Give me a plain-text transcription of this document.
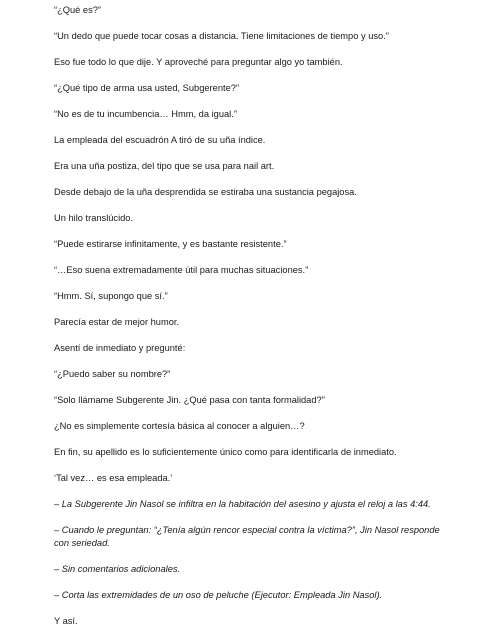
“¿Qué es?”

“Un dedo que puede tocar cosas a distancia. Tiene limitaciones de tiempo y uso.”

Eso fue todo lo que dije. Y aproveché para preguntar algo yo también.

“¿Qué tipo de arma usa usted, Subgerente?”

“No es de tu incumbencia… Hmm, da igual.”

La empleada del escuadrón A tiró de su uña índice.

Era una uña postiza, del tipo que se usa para nail art.

Desde debajo de la uña desprendida se estiraba una sustancia pegajosa.

Un hilo translúcido.

“Puede estirarse infinitamente, y es bastante resistente.”

“…Eso suena extremadamente útil para muchas situaciones.”

“Hmm. Sí, supongo que sí.”

Parecía estar de mejor humor.

Asentí de inmediato y pregunté:

“¿Puedo saber su nombre?”

“Solo llámame Subgerente Jin. ¿Qué pasa con tanta formalidad?”

¿No es simplemente cortesía básica al conocer a alguien…?

En fin, su apellido es lo suficientemente único como para identificarla de inmediato.

‘Tal vez… es esa empleada.’

– La Subgerente Jin Nasol se infiltra en la habitación del asesino y ajusta el reloj a las 4:44.

– Cuando le preguntan: “¿Tenía algún rencor especial contra la víctima?”, Jin Nasol responde con seriedad.

– Sin comentarios adicionales.

– Corta las extremidades de un oso de peluche (Ejecutor: Empleada Jin Nasol).

Y así.
